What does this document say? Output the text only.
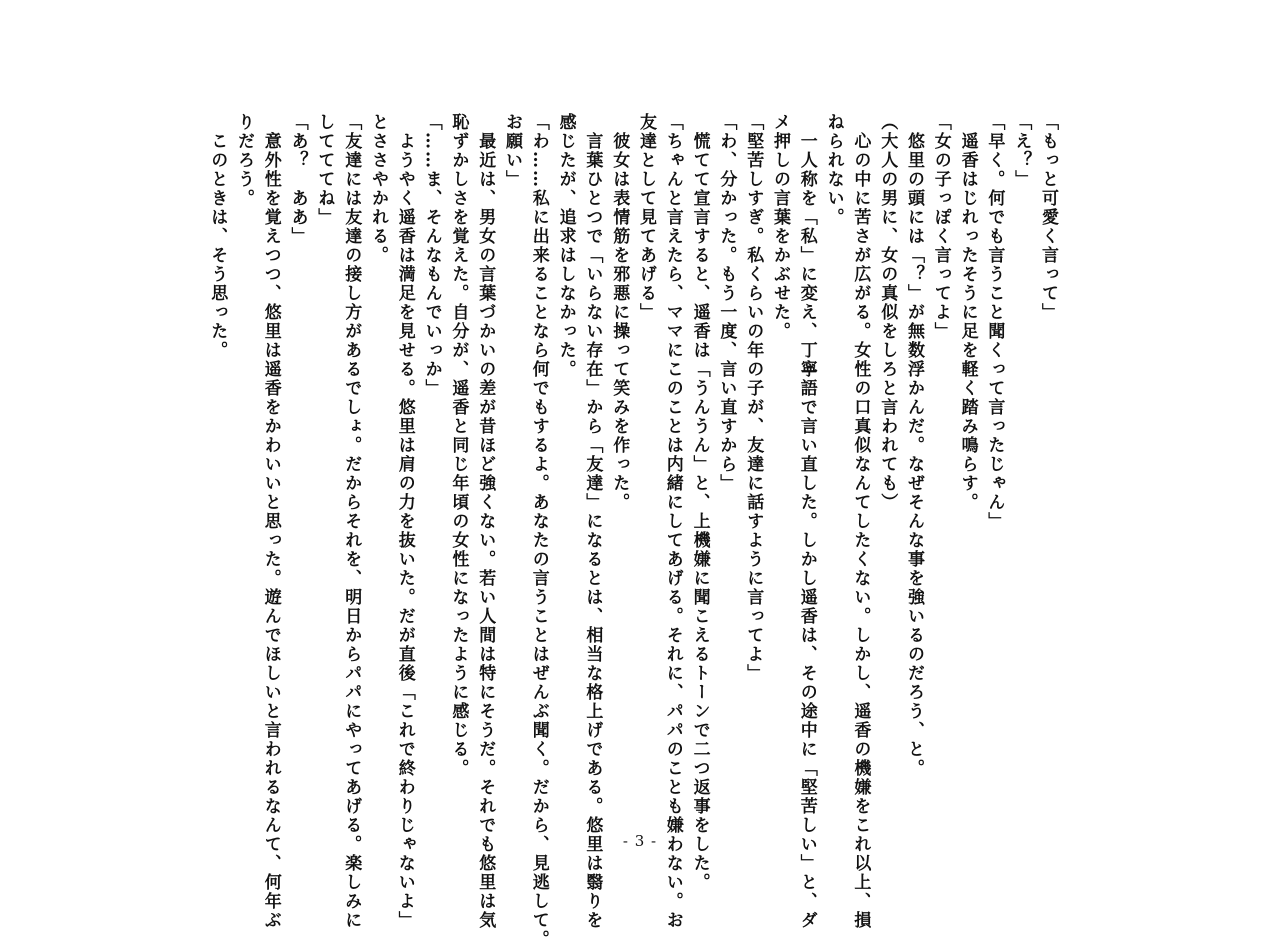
「もっと可愛く言って」
「え？」
「早く。何でも言うこと聞くって言ったじゃん」
　遥香はじれったそうに足を軽く踏み鳴らす。
「女の子っぽく言ってよ」
　悠里の頭には「？」が無数浮かんだ。なぜそんな事を強いるのだろう、と。
（大人の男に、女の真似をしろと言われても）
　心の中に苦さが広がる。女性の口真似なんてしたくない。しかし、遥香の機嫌をこれ以上、損
ねられない。
　一人称を「私」に変え、丁寧語で言い直した。しかし遥香は、その途中に「堅苦しい」と、ダ
メ押しの言葉をかぶせた。
「堅苦しすぎ。私くらいの年の子が、友達に話すように言ってよ」
「わ、分かった。もう一度、言い直すから」
　慌てて宣言すると、遥香は「うんうん」と、上機嫌に聞こえるトーンで二つ返事をした。
「ちゃんと言えたら、ママにこのことは内緒にしてあげる。それに、パパのことも嫌わない。お
友達として見てあげる」
　彼女は表情筋を邪悪に操って笑みを作った。
　言葉ひとつで「いらない存在」から「友達」になるとは、相当な格上げである。悠里は翳りを
感じたが、追求はしなかった。
「わ……私に出来ることなら何でもするよ。あなたの言うことはぜんぶ聞く。だから、見逃して。
お願い」
　最近は、男女の言葉づかいの差が昔ほど強くない。若い人間は特にそうだ。それでも悠里は気
恥ずかしさを覚えた。自分が、遥香と同じ年頃の女性になったように感じる。
「……ま、そんなもんでいっか」
　ようやく遥香は満足を見せる。悠里は肩の力を抜いた。だが直後「これで終わりじゃないよ」
とささやかれる。
「友達には友達の接し方があるでしょ。だからそれを、明日からパパにやってあげる。楽しみに
してててね」
「あ？　ああ」
　意外性を覚えつつ、悠里は遥香をかわいいと思った。遊んでほしいと言われるなんて、何年ぶ
りだろう。
　このときは、そう思った。
- 3 -
